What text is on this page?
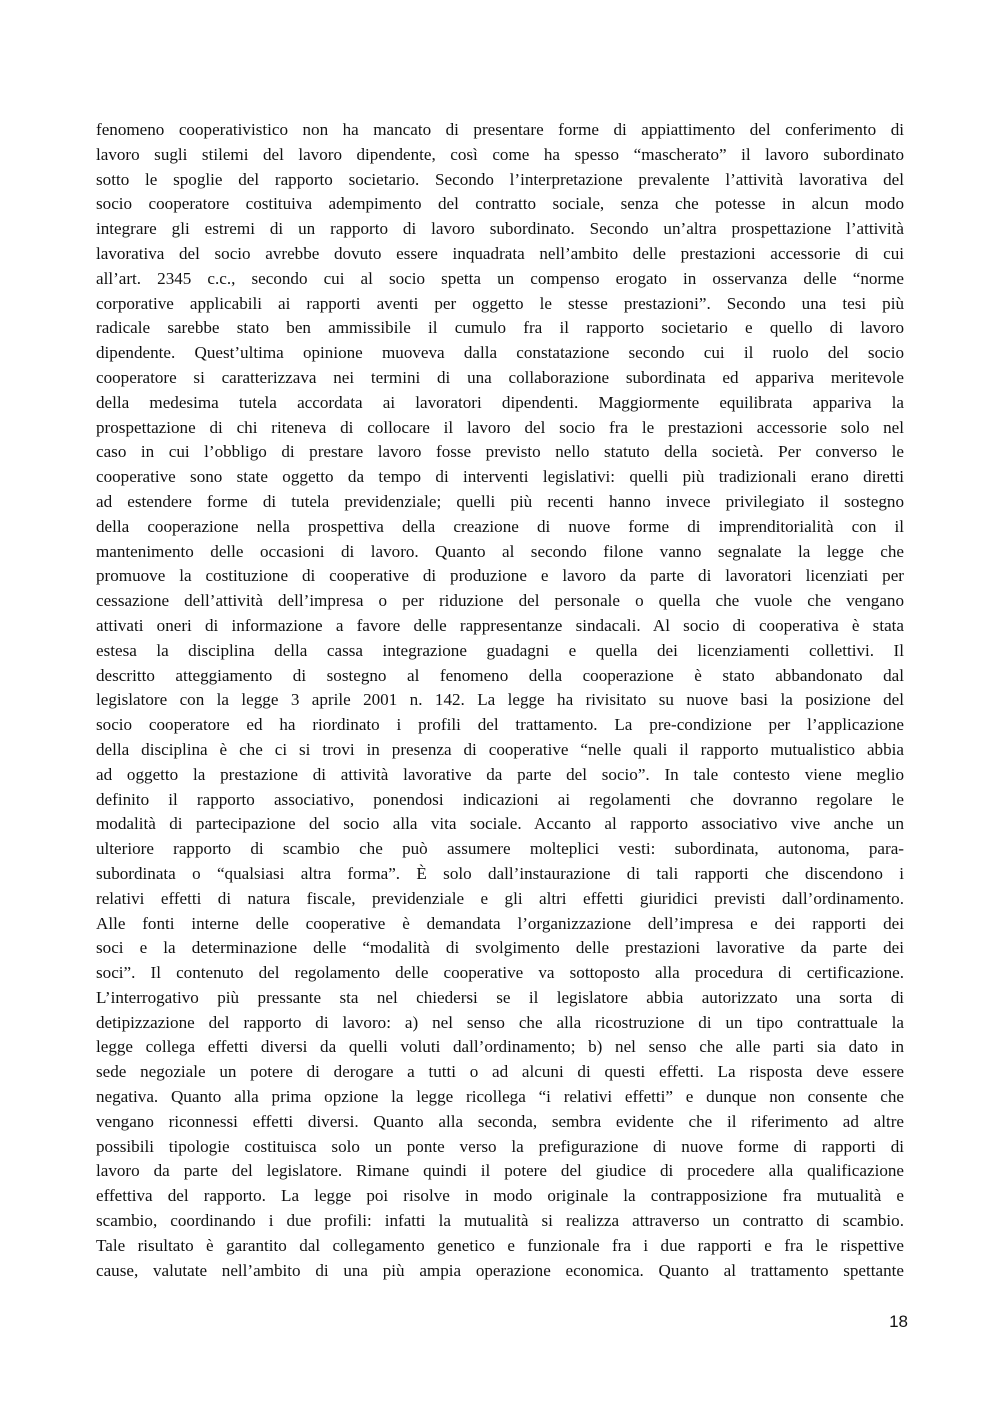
fenomeno cooperativistico non ha mancato di presentare forme di appiattimento del conferimento di
lavoro sugli stilemi del lavoro dipendente, così come ha spesso “mascherato” il lavoro subordinato
sotto le spoglie del rapporto societario. Secondo l’interpretazione prevalente l’attività lavorativa del
socio cooperatore costituiva adempimento del contratto sociale, senza che potesse in alcun modo
integrare gli estremi di un rapporto di lavoro subordinato. Secondo un’altra prospettazione l’attività
lavorativa del socio avrebbe dovuto essere inquadrata nell’ambito delle prestazioni accessorie di cui
all’art. 2345 c.c., secondo cui al socio spetta un compenso erogato in osservanza delle “norme
corporative applicabili ai rapporti aventi per oggetto le stesse prestazioni”. Secondo una tesi più
radicale sarebbe stato ben ammissibile il cumulo fra il rapporto societario e quello di lavoro
dipendente. Quest’ultima opinione muoveva dalla constatazione secondo cui il ruolo del socio
cooperatore si caratterizzava nei termini di una collaborazione subordinata ed appariva meritevole
della medesima tutela accordata ai lavoratori dipendenti. Maggiormente equilibrata appariva la
prospettazione di chi riteneva di collocare il lavoro del socio fra le prestazioni accessorie solo nel
caso in cui l’obbligo di prestare lavoro fosse previsto nello statuto della società. Per converso le
cooperative sono state oggetto da tempo di interventi legislativi: quelli più tradizionali erano diretti
ad estendere forme di tutela previdenziale; quelli più recenti hanno invece privilegiato il sostegno
della cooperazione nella prospettiva della creazione di nuove forme di imprenditorialità con il
mantenimento delle occasioni di lavoro. Quanto al secondo filone vanno segnalate la legge che
promuove la costituzione di cooperative di produzione e lavoro da parte di lavoratori licenziati per
cessazione dell’attività dell’impresa o per riduzione del personale o quella che vuole che vengano
attivati oneri di informazione a favore delle rappresentanze sindacali. Al socio di cooperativa è stata
estesa la disciplina della cassa integrazione guadagni e quella dei licenziamenti collettivi. Il
descritto atteggiamento di sostegno al fenomeno della cooperazione è stato abbandonato dal
legislatore con la legge 3 aprile 2001 n. 142. La legge ha rivisitato su nuove basi la posizione del
socio cooperatore ed ha riordinato i profili del trattamento. La pre-condizione per l’applicazione
della disciplina è che ci si trovi in presenza di cooperative “nelle quali il rapporto mutualistico abbia
ad oggetto la prestazione di attività lavorative da parte del socio”. In tale contesto viene meglio
definito il rapporto associativo, ponendosi indicazioni ai regolamenti che dovranno regolare le
modalità di partecipazione del socio alla vita sociale. Accanto al rapporto associativo vive anche un
ulteriore rapporto di scambio che può assumere molteplici vesti: subordinata, autonoma, para-
subordinata o “qualsiasi altra forma”. È solo dall’instaurazione di tali rapporti che discendono i
relativi effetti di natura fiscale, previdenziale e gli altri effetti giuridici previsti dall’ordinamento.
Alle fonti interne delle cooperative è demandata l’organizzazione dell’impresa e dei rapporti dei
soci e la determinazione delle “modalità di svolgimento delle prestazioni lavorative da parte dei
soci”. Il contenuto del regolamento delle cooperative va sottoposto alla procedura di certificazione.
L’interrogativo più pressante sta nel chiedersi se il legislatore abbia autorizzato una sorta di
detipizzazione del rapporto di lavoro: a) nel senso che alla ricostruzione di un tipo contrattuale la
legge collega effetti diversi da quelli voluti dall’ordinamento; b) nel senso che alle parti sia dato in
sede negoziale un potere di derogare a tutti o ad alcuni di questi effetti. La risposta deve essere
negativa. Quanto alla prima opzione la legge ricollega “i relativi effetti” e dunque non consente che
vengano riconnessi effetti diversi. Quanto alla seconda, sembra evidente che il riferimento ad altre
possibili tipologie costituisca solo un ponte verso la prefigurazione di nuove forme di rapporti di
lavoro da parte del legislatore. Rimane quindi il potere del giudice di procedere alla qualificazione
effettiva del rapporto. La legge poi risolve in modo originale la contrapposizione fra mutualità e
scambio, coordinando i due profili: infatti la mutualità si realizza attraverso un contratto di scambio.
Tale risultato è garantito dal collegamento genetico e funzionale fra i due rapporti e fra le rispettive
cause, valutate nell’ambito di una più ampia operazione economica. Quanto al trattamento spettante
18
